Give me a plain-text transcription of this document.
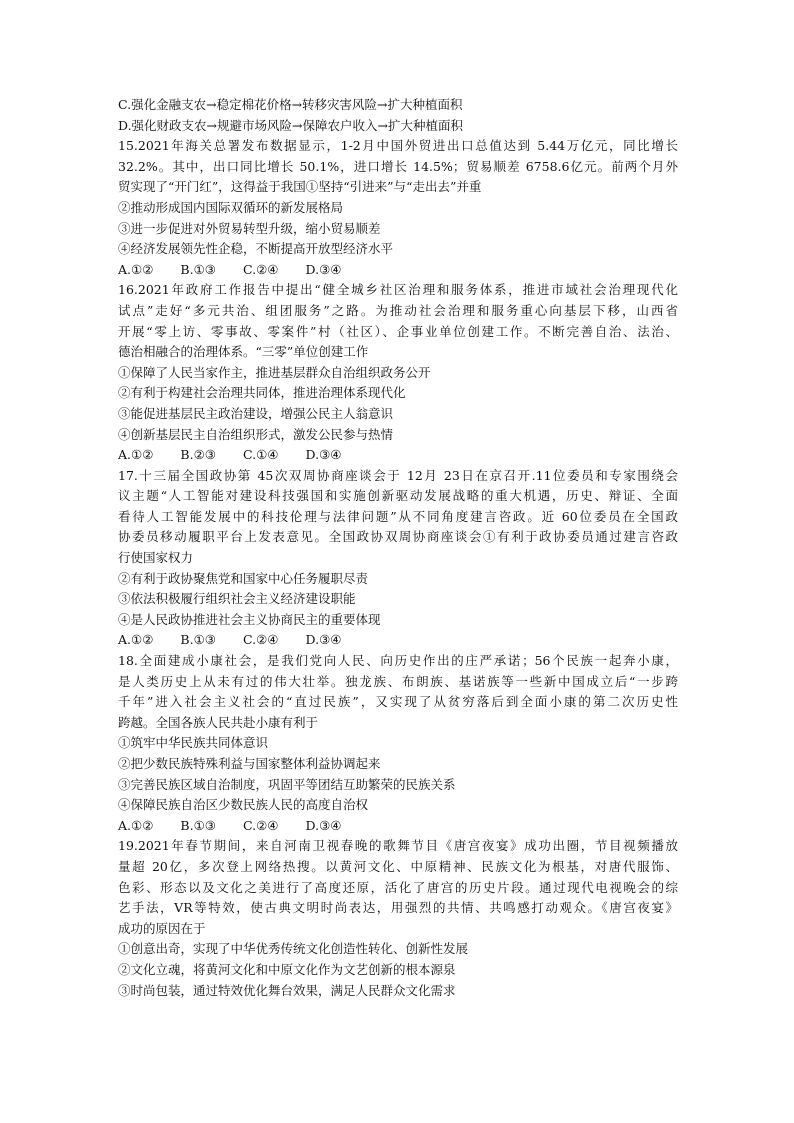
C.强化金融支农→稳定棉花价格→转移灾害风险→扩大种植面积
D.强化财政支农→规避市场风险→保障农户收入→扩大种植面积
15.2021年海关总署发布数据显示，1-2月中国外贸进出口总值达到 5.44万亿元，同比增长
32.2%。其中，出口同比增长 50.1%，进口增长 14.5%；贸易顺差 6758.6亿元。前两个月外
贸实现了“开门红”，这得益于我国①坚持“引进来”与“走出去”并重
②推动形成国内国际双循环的新发展格局
③进一步促进对外贸易转型升级，缩小贸易顺差
④经济发展领先性企稳，不断提高开放型经济水平
A.①② B.①③ C.②④ D.③④
16.2021年政府工作报告中提出“健全城乡社区治理和服务体系，推进市域社会治理现代化
试点”走好“多元共治、组团服务”之路。为推动社会治理和服务重心向基层下移，山西省
开展“零上访、零事故、零案件”村（社区）、企事业单位创建工作。不断完善自治、法治、
德治相融合的治理体系。“三零”单位创建工作
①保障了人民当家作主，推进基层群众自治组织政务公开
②有利于构建社会治理共同体，推进治理体系现代化
③能促进基层民主政治建设，增强公民主人翁意识
④创新基层民主自治组织形式，激发公民参与热情
A.①② B.②③ C.①④ D.③④
17.十三届全国政协第 45次双周协商座谈会于 12月 23日在京召开.11位委员和专家围绕会
议主题“人工智能对建设科技强国和实施创新驱动发展战略的重大机遇，历史、辩证、全面
看待人工智能发展中的科技伦理与法律问题”从不同角度建言咨政。近 60位委员在全国政
协委员移动履职平台上发表意见。全国政协双周协商座谈会①有利于政协委员通过建言咨政
行使国家权力
②有利于政协聚焦党和国家中心任务履职尽责
③依法积极履行组织社会主义经济建设职能
④是人民政协推进社会主义协商民主的重要体现
A.①② B.①③ C.②④ D.③④
18.全面建成小康社会，是我们党向人民、向历史作出的庄严承诺；56个民族一起奔小康，
是人类历史上从未有过的伟大壮举。独龙族、布朗族、基诺族等一些新中国成立后“一步跨
千年”进入社会主义社会的“直过民族”，又实现了从贫穷落后到全面小康的第二次历史性
跨越。全国各族人民共赴小康有利于
①筑牢中华民族共同体意识
②把少数民族特殊利益与国家整体利益协调起来
③完善民族区域自治制度，巩固平等团结互助繁荣的民族关系
④保障民族自治区少数民族人民的高度自治权
A.①② B.①③ C.②④ D.③④
19.2021年春节期间，来自河南卫视春晚的歌舞节目《唐宫夜宴》成功出圈，节目视频播放
量超 20亿，多次登上网络热搜。以黄河文化、中原精神、民族文化为根基，对唐代服饰、
色彩、形态以及文化之美进行了高度还原，活化了唐宫的历史片段。通过现代电视晚会的综
艺手法，VR等特效，使古典文明时尚表达，用强烈的共情、共鸣感打动观众。《唐宫夜宴》
成功的原因在于
①创意出奇，实现了中华优秀传统文化创造性转化、创新性发展
②文化立魂，将黄河文化和中原文化作为文艺创新的根本源泉
③时尚包装，通过特效优化舞台效果，满足人民群众文化需求
